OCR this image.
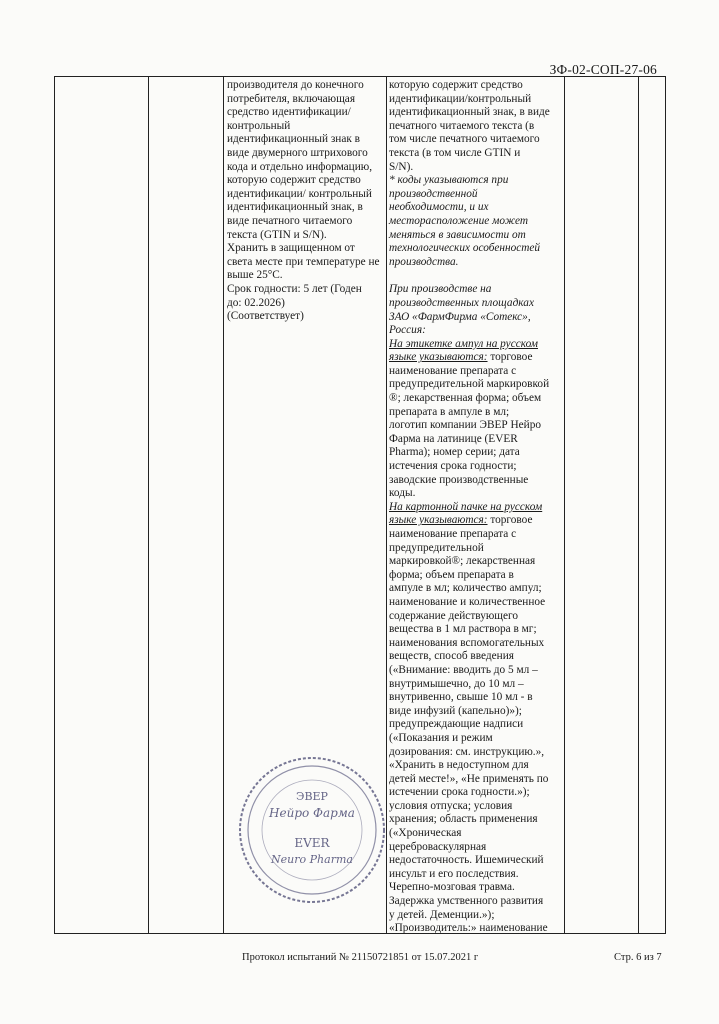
ЗФ-02-СОП-27-06

производителя до конечного

потребителя, включающая

средство идентификации/

контрольный

идентификационный знак в

виде двумерного штрихового

кода и отдельно информацию,

которую содержит средство

идентификации/ контрольный

идентификационный знак, в

виде печатного читаемого

текста (GTIN и S/N).

Хранить в защищенном от

света месте при температуре не

выше 25°С.

Срок годности: 5 лет (Годен

до: 02.2026)

(Соответствует)

которую содержит средство

идентификации/контрольный

идентификационный знак, в виде

печатного читаемого текста (в

том числе печатного читаемого

текста (в том числе GTIN и

S/N).

* коды указываются при

производственной

необходимости, и их

месторасположение может

меняться в зависимости от

технологических особенностей

производства.

При производстве на

производственных площадках

ЗАО «ФармФирма «Сотекс»,

Россия:

На этикетке ампул на русском

языке указываются: торговое

наименование препарата с

предупредительной маркировкой

®; лекарственная форма; объем

препарата в ампуле в мл;

логотип компании ЭВЕР Нейро

Фарма на латинице (EVER

Pharma); номер серии; дата

истечения срока годности;

заводские производственные

коды.

На картонной пачке на русском

языке указываются: торговое

наименование препарата с

предупредительной

маркировкой®; лекарственная

форма; объем препарата в

ампуле в мл; количество ампул;

наименование и количественное

содержание действующего

вещества в 1 мл раствора в мг;

наименования вспомогательных

веществ, способ введения

(«Внимание: вводить до 5 мл –

внутримышечно, до 10 мл –

внутривенно, свыше 10 мл - в

виде инфузий (капельно)»);

предупреждающие надписи

(«Показания и режим

дозирования: см. инструкцию.»,

«Хранить в недоступном для

детей месте!», «Не применять по

истечении срока годности.»);

условия отпуска; условия

хранения; область применения

(«Хроническая

цереброваскулярная

недостаточность. Ишемический

инсульт и его последствия.

Черепно-мозговая травма.

Задержка умственного развития

у детей. Деменции.»);

«Производитель:» наименование

ЭВЕР
Нейро Фарма
EVER
Neuro Pharma
Протокол испытаний № 21150721851 от 15.07.2021 г	Стр. 6 из 7
